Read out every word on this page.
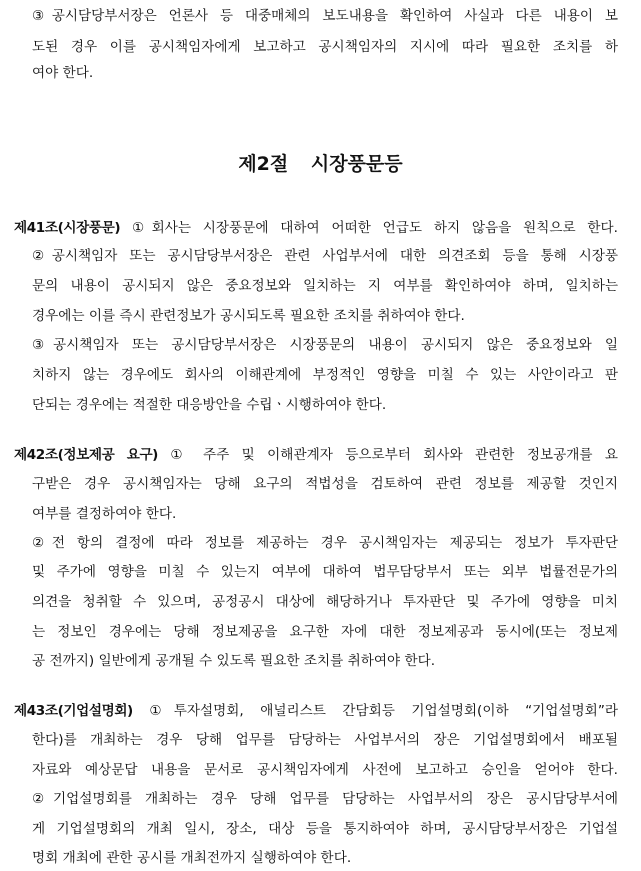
③공시담당부서장은 언론사 등 대중매체의 보도내용을 확인하여 사실과 다른 내용이 보
도된 경우 이를 공시책임자에게 보고하고 공시책임자의 지시에 따라 필요한 조치를 하
여야 한다.
제2절 시장풍문등
제41조(시장풍문) ①회사는 시장풍문에 대하여 어떠한 언급도 하지 않음을 원칙으로 한다.
②공시책임자 또는 공시담당부서장은 관련 사업부서에 대한 의견조회 등을 통해 시장풍
문의 내용이 공시되지 않은 중요정보와 일치하는 지 여부를 확인하여야 하며, 일치하는
경우에는 이를 즉시 관련정보가 공시되도록 필요한 조치를 취하여야 한다.
③공시책임자 또는 공시담당부서장은 시장풍문의 내용이 공시되지 않은 중요정보와 일
치하지 않는 경우에도 회사의 이해관계에 부정적인 영향을 미칠 수 있는 사안이라고 판
단되는 경우에는 적절한 대응방안을 수립ㆍ시행하여야 한다.
제42조(정보제공 요구) ① 주주 및 이해관계자 등으로부터 회사와 관련한 정보공개를 요
구받은 경우 공시책임자는 당해 요구의 적법성을 검토하여 관련 정보를 제공할 것인지
여부를 결정하여야 한다.
②전 항의 결정에 따라 정보를 제공하는 경우 공시책임자는 제공되는 정보가 투자판단
및 주가에 영향을 미칠 수 있는지 여부에 대하여 법무담당부서 또는 외부 법률전문가의
의견을 청취할 수 있으며, 공정공시 대상에 해당하거나 투자판단 및 주가에 영향을 미치
는 정보인 경우에는 당해 정보제공을 요구한 자에 대한 정보제공과 동시에(또는 정보제
공 전까지) 일반에게 공개될 수 있도록 필요한 조치를 취하여야 한다.
제43조(기업설명회) ①투자설명회, 애널리스트 간담회등 기업설명회(이하 “기업설명회”라
한다)를 개최하는 경우 당해 업무를 담당하는 사업부서의 장은 기업설명회에서 배포될
자료와 예상문답 내용을 문서로 공시책임자에게 사전에 보고하고 승인을 얻어야 한다.
②기업설명회를 개최하는 경우 당해 업무를 담당하는 사업부서의 장은 공시담당부서에
게 기업설명회의 개최 일시, 장소, 대상 등을 통지하여야 하며, 공시담당부서장은 기업설
명회 개최에 관한 공시를 개최전까지 실행하여야 한다.
